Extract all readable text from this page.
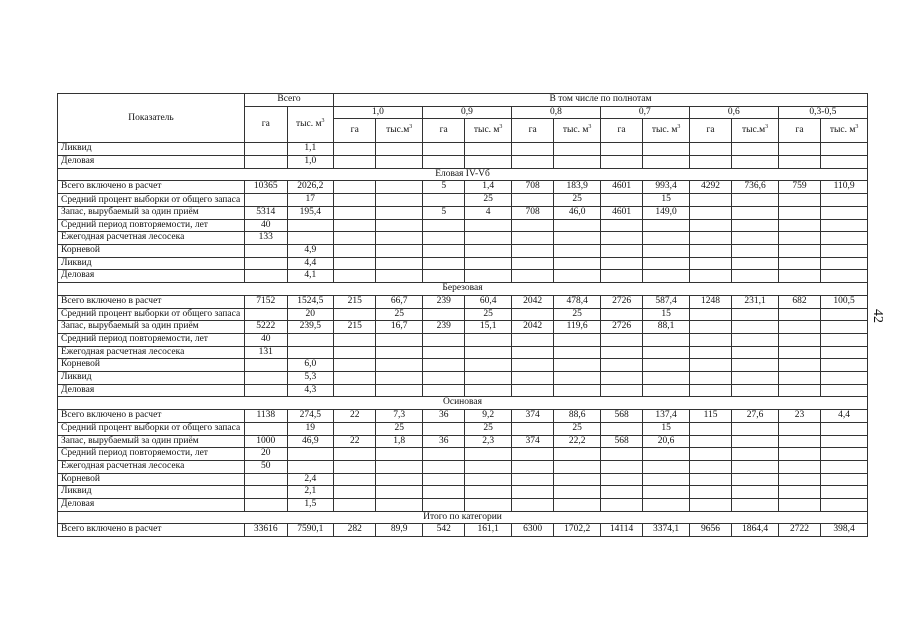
Показатель	Всего		В том числе по полнотам											
	га	тыс. $м^3$	1,0		0,9		0,8		0,7		0,6		0,3-0,5	
			га	$тыс.м^3$	га	тыс. $м^3$	га	тыс. $м^3$	га	тыс. $м^3$	га	$тыс.м^3$	га	тыс. $м^3$
Ликвид		1,1												
Деловая		1,0												
Еловая IV-Vб														
Всего включено в расчет	10365	2026,2			5	1,4	708	183,9	4601	993,4	4292	736,6	759	110,9
Средний процент выборки от общего запаса		17				25		25		15				
Запас, вырубаемый за один приём	5314	195,4			5	4	708	46,0	4601	149,0				
Средний период повторяемости, лет	40													
Ежегодная расчетная лесосека	133													
Корневой		4,9												
Ликвид		4,4												
Деловая		4,1												
Березовая														
Всего включено в расчет	7152	1524,5	215	66,7	239	60,4	2042	478,4	2726	587,4	1248	231,1	682	100,5
Средний процент выборки от общего запаса		20		25		25		25		15				
Запас, вырубаемый за один приём	5222	239,5	215	16,7	239	15,1	2042	119,6	2726	88,1				
Средний период повторяемости, лет	40													
Ежегодная расчетная лесосека	131													
Корневой		6,0												
Ликвид		5,3												
Деловая		4,3												
Осиновая														
Всего включено в расчет	1138	274,5	22	7,3	36	9,2	374	88,6	568	137,4	115	27,6	23	4,4
Средний процент выборки от общего запаса		19		25		25		25		15				
Запас, вырубаемый за один приём	1000	46,9	22	1,8	36	2,3	374	22,2	568	20,6				
Средний период повторяемости, лет	20													
Ежегодная расчетная лесосека	50													
Корневой		2,4												
Ликвид		2,1												
Деловая		1,5												
Итого по категории														
Всего включено в расчет	33616	7590,1	282	89,9	542	161,1	6300	1702,2	14114	3374,1	9656	1864,4	2722	398,4
42
